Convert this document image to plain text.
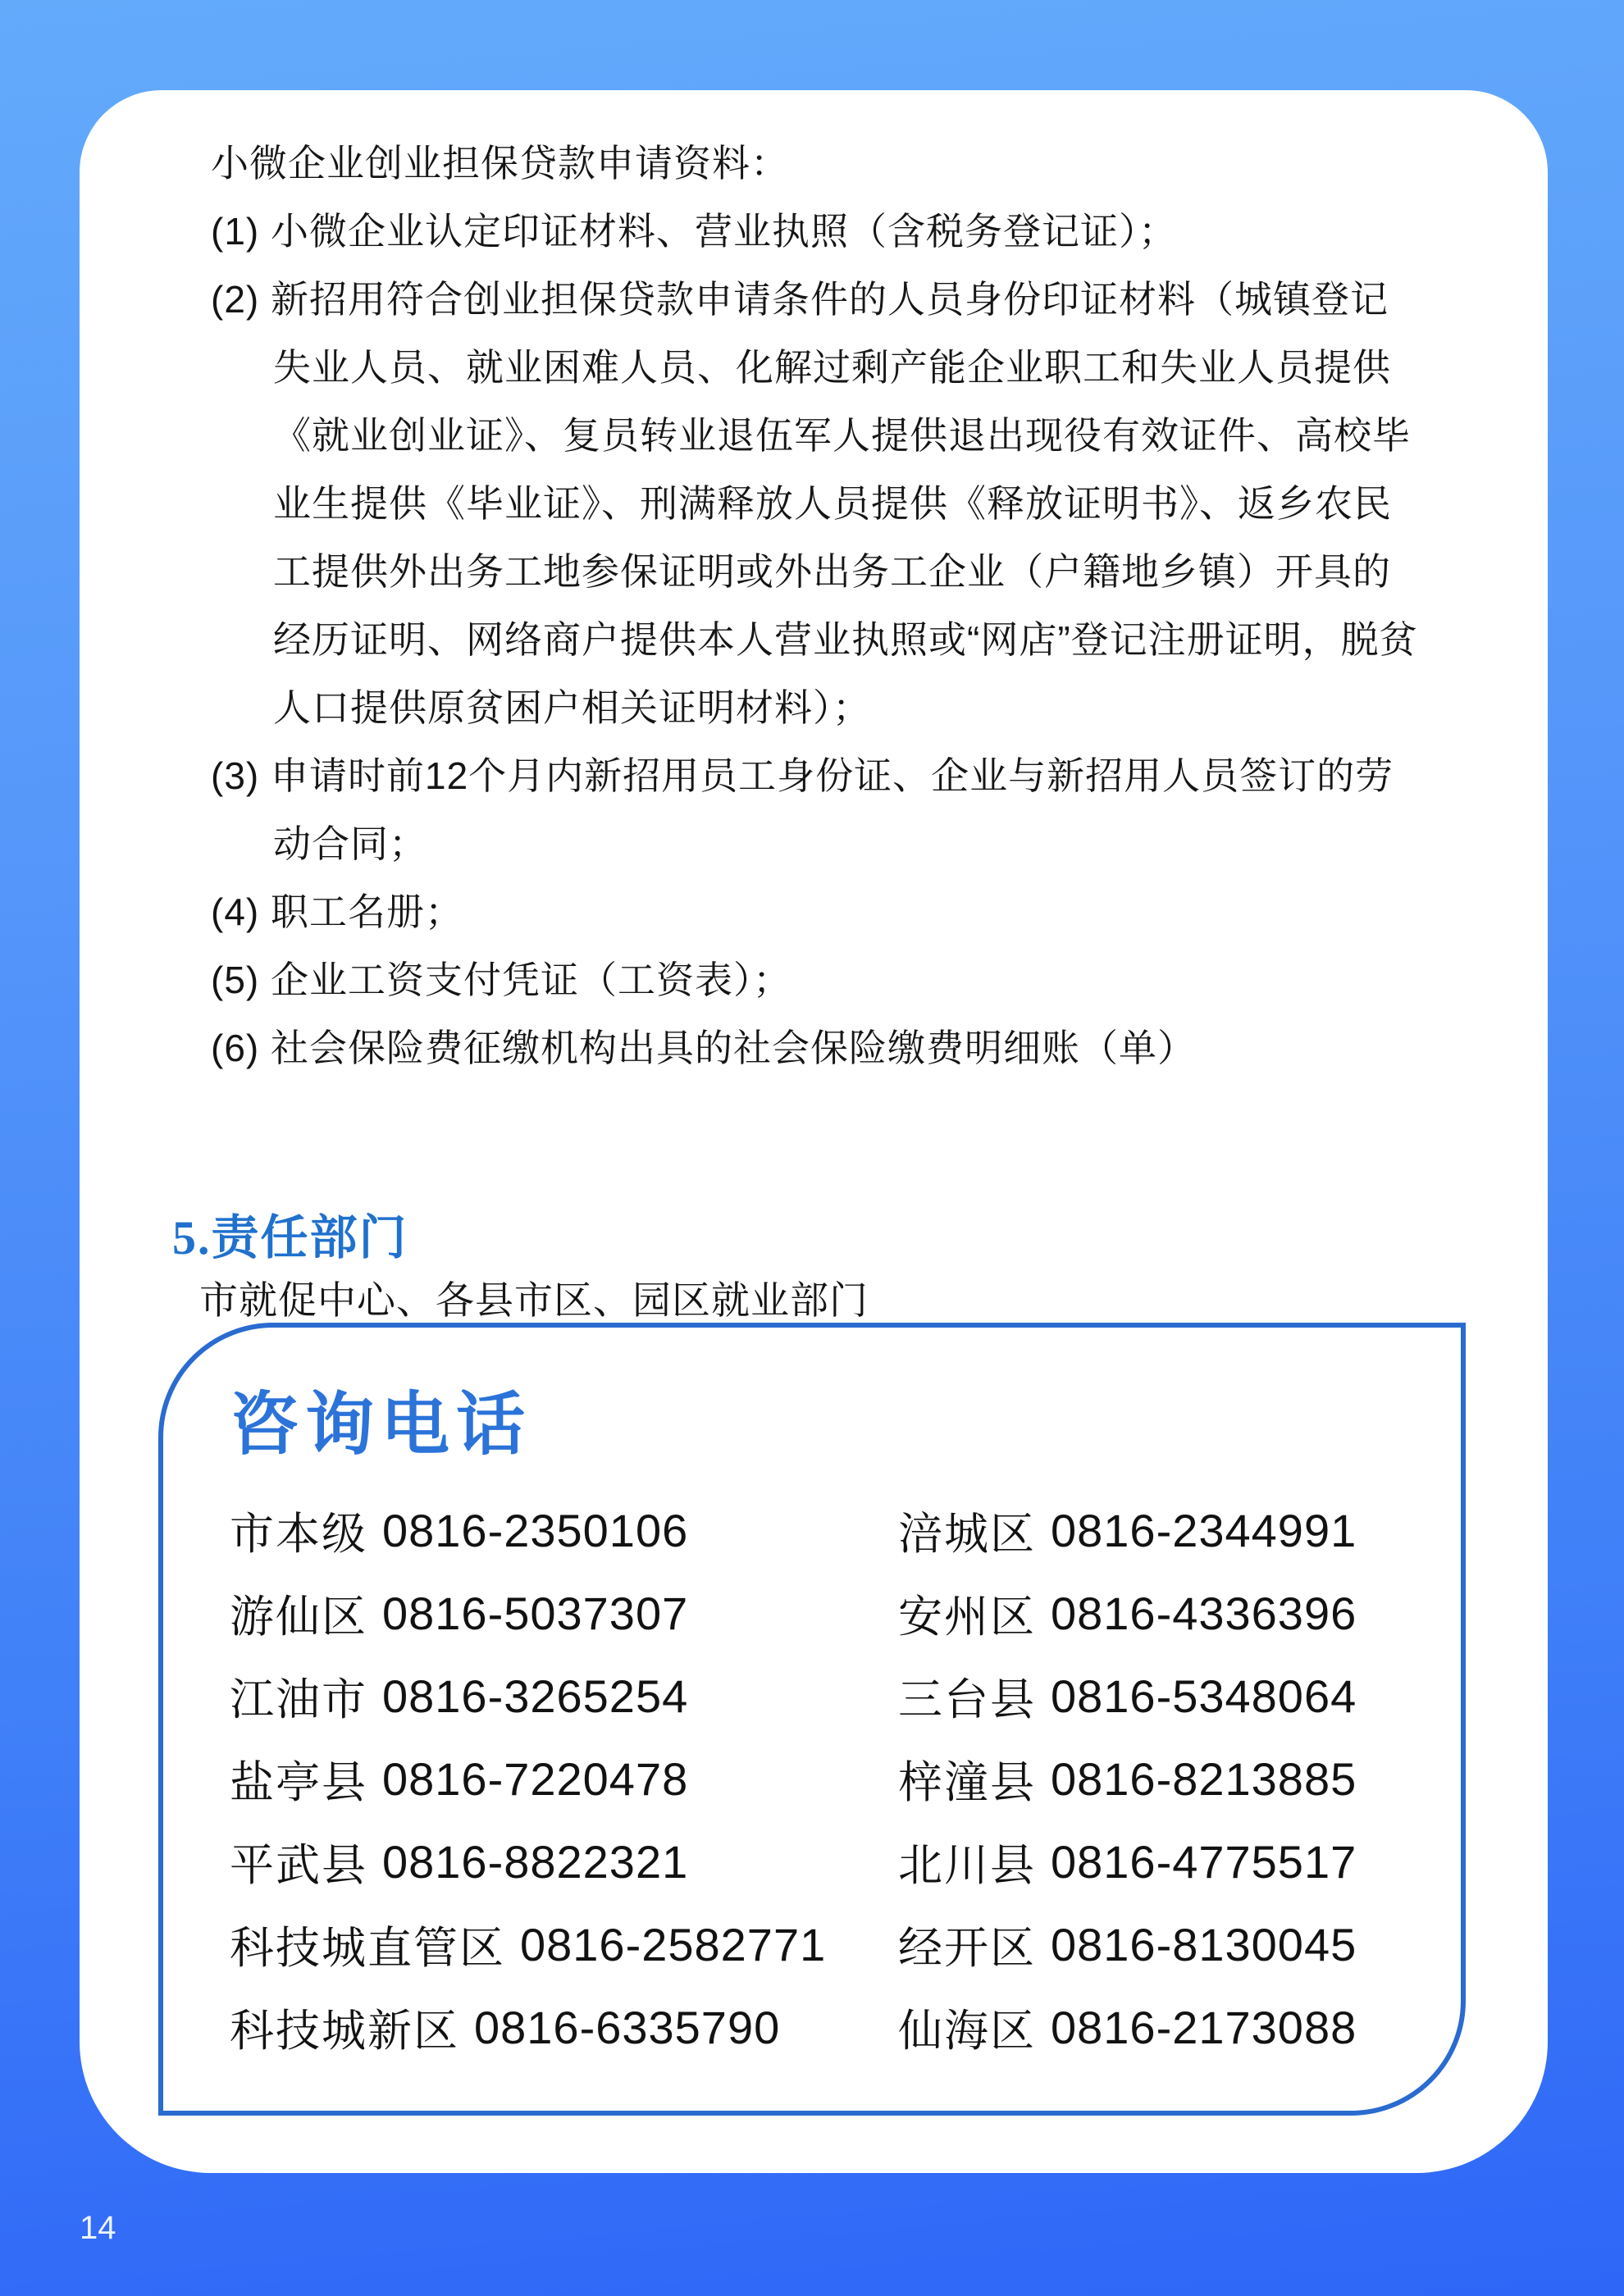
小微企业创业担保贷款申请资料：

(1) 小微企业认定印证材料、营业执照（含税务登记证）；

(2) 新招用符合创业担保贷款申请条件的人员身份印证材料（城镇登记失业人员、就业困难人员、化解过剩产能企业职工和失业人员提供《就业创业证》、复员转业退伍军人提供退出现役有效证件、高校毕业生提供《毕业证》、刑满释放人员提供《释放证明书》、返乡农民工提供外出务工地参保证明或外出务工企业（户籍地乡镇）开具的经历证明、网络商户提供本人营业执照或“网店”登记注册证明，脱贫人口提供原贫困户相关证明材料）；

(3) 申请时前12个月内新招用员工身份证、企业与新招用人员签订的劳动合同；

(4) 职工名册；

(5) 企业工资支付凭证（工资表）；

(6) 社会保险费征缴机构出具的社会保险缴费明细账（单）

5.责任部门
市就促中心、各县市区、园区就业部门
咨询电话
市本级 0816-2350106	涪城区 0816-2344991
游仙区 0816-5037307	安州区 0816-4336396
江油市 0816-3265254	三台县 0816-5348064
盐亭县 0816-7220478	梓潼县 0816-8213885
平武县 0816-8822321	北川县 0816-4775517
科技城直管区 0816-2582771 经开区 0816-8130045
科技城新区 0816-6335790	仙海区 0816-2173088
14
